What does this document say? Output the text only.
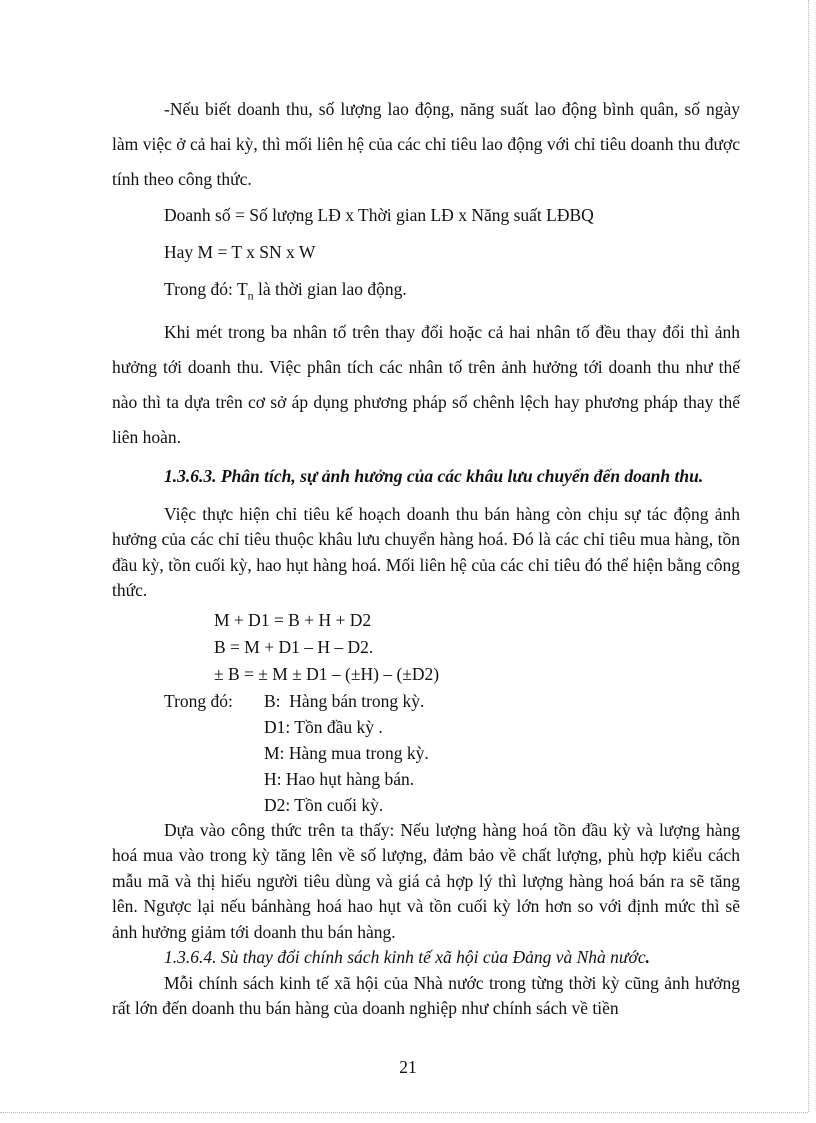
-Nếu biết doanh thu, số lượng lao động, năng suất lao động bình quân, số ngày làm việc ở cả hai kỳ, thì mối liên hệ của các chỉ tiêu lao động với chỉ tiêu doanh thu được tính theo công thức.

Doanh số = Số lượng LĐ x Thời gian LĐ x Năng suất LĐBQ

Hay M = T x SN x W

Trong đó: $T_n$ là thời gian lao động.

Khi mét trong ba nhân tố trên thay đổi hoặc cả hai nhân tố đều thay đổi thì ảnh hưởng tới doanh thu. Việc phân tích các nhân tố trên ảnh hưởng tới doanh thu như thế nào thì ta dựa trên cơ sở áp dụng phương pháp số chênh lệch hay phương pháp thay thế liên hoàn.

1.3.6.3. Phân tích, sự ảnh hưởng của các khâu lưu chuyển đến doanh thu.

Việc thực hiện chỉ tiêu kế hoạch doanh thu bán hàng còn chịu sự tác động ảnh hưởng của các chỉ tiêu thuộc khâu lưu chuyển hàng hoá. Đó là các chỉ tiêu mua hàng, tồn đầu kỳ, tồn cuối kỳ, hao hụt hàng hoá. Mối liên hệ của các chỉ tiêu đó thể hiện bằng công thức.

M + D1 = B + H + D2

B = M + D1 – H – D2.

± B = ± M ± D1 – (±H) – (±D2)

Trong đó:	B: Hàng bán trong kỳ.
D1: Tồn đầu kỳ .
M: Hàng mua trong kỳ.
H: Hao hụt hàng bán.
D2: Tồn cuối kỳ.

Dựa vào công thức trên ta thấy: Nếu lượng hàng hoá tồn đầu kỳ và lượng hàng hoá mua vào trong kỳ tăng lên về số lượng, đảm bảo về chất lượng, phù hợp kiểu cách mẫu mã và thị hiếu người tiêu dùng và giá cả hợp lý thì lượng hàng hoá bán ra sẽ tăng lên. Ngược lại nếu bánhàng hoá hao hụt và tồn cuối kỳ lớn hơn so với định mức thì sẽ ảnh hưởng giảm tới doanh thu bán hàng.

1.3.6.4. Sù thay đổi chính sách kinh tế xã hội của Đảng và Nhà nước.

Mỗi chính sách kinh tế xã hội của Nhà nước trong từng thời kỳ cũng ảnh hưởng rất lớn đến doanh thu bán hàng của doanh nghiệp như chính sách về tiền

21
